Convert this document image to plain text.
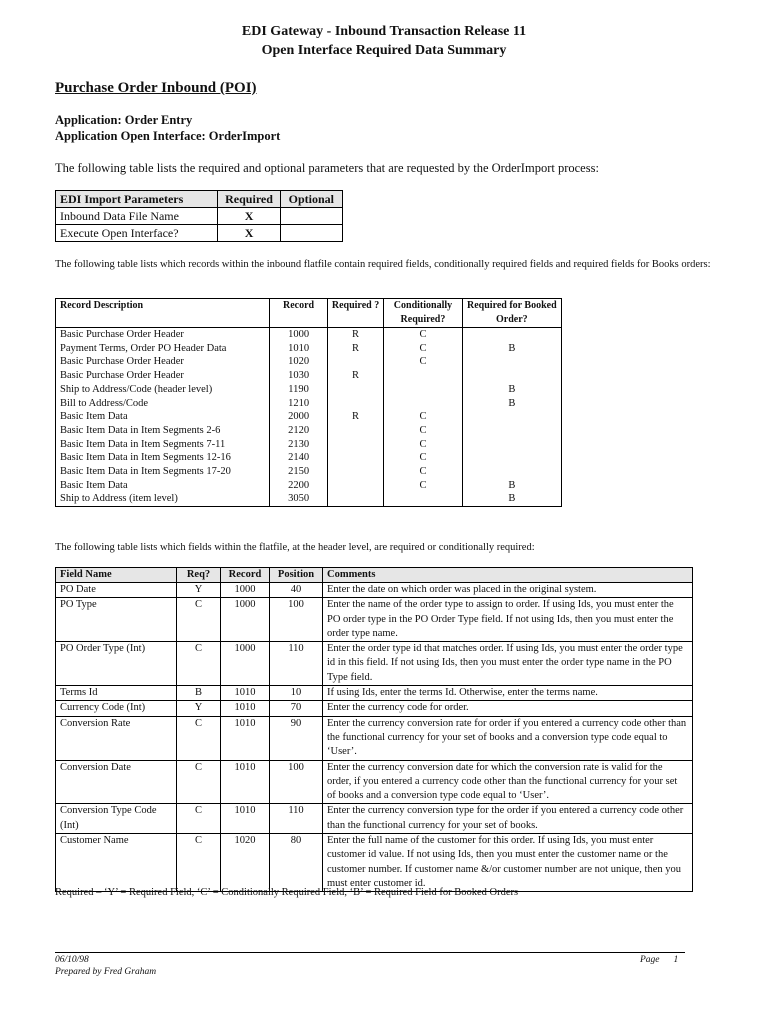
EDI Gateway - Inbound Transaction Release 11
Open Interface Required Data Summary
Purchase Order Inbound (POI)
Application: Order Entry
Application Open Interface: OrderImport
The following table lists the required and optional parameters that are requested by the OrderImport process:
EDI Import Parameters	Required	Optional
Inbound Data File Name	X	
Execute Open Interface?	X	
The following table lists which records within the inbound flatfile contain required fields, conditionally required fields and required fields for Books orders:
Record Description	Record	Required ?	Conditionally Required?	Required for Booked Order?
Basic Purchase Order Header	1000	R	C	
Payment Terms, Order PO Header Data	1010	R	C	B
Basic Purchase Order Header	1020		C	
Basic Purchase Order Header	1030	R		
Ship to Address/Code (header level)	1190			B
Bill to Address/Code	1210			B
Basic Item Data	2000	R	C	
Basic Item Data in Item Segments 2-6	2120		C	
Basic Item Data in Item Segments 7-11	2130		C	
Basic Item Data in Item Segments 12-16	2140		C	
Basic Item Data in Item Segments 17-20	2150		C	
Basic Item Data	2200		C	B
Ship to Address (item level)	3050			B
The following table lists which fields within the flatfile, at the header level, are required or conditionally required:
Field Name	Req?	Record	Position	Comments
PO Date	Y	1000	40	Enter the date on which order was placed in the original system.
PO Type	C	1000	100	Enter the name of the order type to assign to order. If using Ids, you must enter the PO order type in the PO Order Type field. If not using Ids, then you must enter the order type name.
PO Order Type (Int)	C	1000	110	Enter the order type id that matches order. If using Ids, you must enter the order type id in this field. If not using Ids, then you must enter the order type name in the PO Type field.
Terms Id	B	1010	10	If using Ids, enter the terms Id. Otherwise, enter the terms name.
Currency Code (Int)	Y	1010	70	Enter the currency code for order.
Conversion Rate	C	1010	90	Enter the currency conversion rate for order if you entered a currency code other than the functional currency for your set of books and a conversion type code equal to ‘User’.
Conversion Date	C	1010	100	Enter the currency conversion date for which the conversion rate is valid for the order, if you entered a currency code other than the functional currency for your set of books and a conversion type code equal to ‘User’.
Conversion Type Code (Int)	C	1010	110	Enter the currency conversion type for the order if you entered a currency code other than the functional currency for your set of books.
Customer Name	C	1020	80	Enter the full name of the customer for this order. If using Ids, you must enter customer id value. If not using Ids, then you must enter the customer name or the customer number. If customer name &/or customer number are not unique, then you must enter customer id.
Required – ‘Y’ = Required Field, ‘C’ = Conditionally Required Field, ‘B’ = Required Field for Booked Orders
06/10/98
Prepared by Fred Graham
Page 1
